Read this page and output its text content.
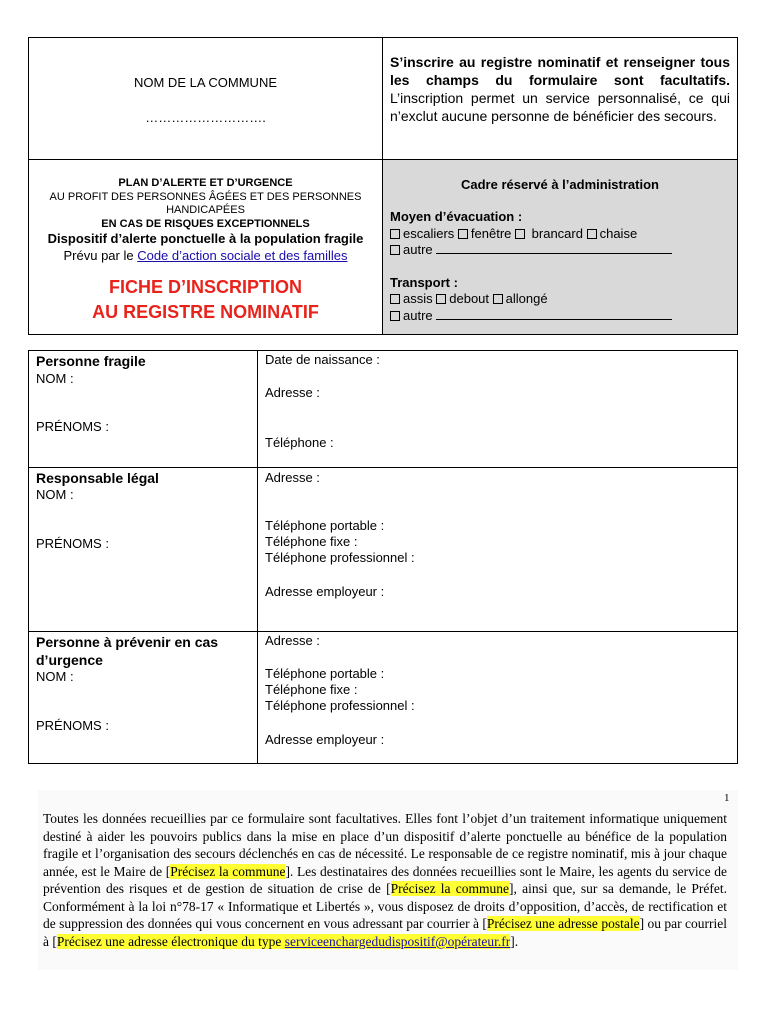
NOM DE LA COMMUNE
……………………….
S’inscrire au registre nominatif et renseigner tous les champs du formulaire sont facultatifs. L’inscription permet un service personnalisé, ce qui n’exclut aucune personne de bénéficier des secours.
PLAN D’ALERTE ET D’URGENCE
AU PROFIT DES PERSONNES ÂGÉES ET DES PERSONNES HANDICAPÉES
EN CAS DE RISQUES EXCEPTIONNELS
Dispositif d’alerte ponctuelle à la population fragile
Prévu par le Code d’action sociale et des familles
FICHE D’INSCRIPTION
AU REGISTRE NOMINATIF
Cadre réservé à l’administration
Moyen d’évacuation :
escaliers fenêtre brancard chaise
autre
Transport :
assis debout allongé
autre
Personne fragile
NOM :
PRÉNOMS :
Date de naissance :
Adresse :
Téléphone :
Responsable légal
NOM :
PRÉNOMS :
Adresse :
Téléphone portable :
Téléphone fixe :
Téléphone professionnel :
Adresse employeur :
Personne à prévenir en cas
d’urgence
NOM :
PRÉNOMS :
Adresse :
Téléphone portable :
Téléphone fixe :
Téléphone professionnel :
Adresse employeur :
1
Toutes les données recueillies par ce formulaire sont facultatives. Elles font l’objet d’un traitement informatique uniquement destiné à aider les pouvoirs publics dans la mise en place d’un dispositif d’alerte ponctuelle au bénéfice de la population fragile et l’organisation des secours déclenchés en cas de nécessité. Le responsable de ce registre nominatif, mis à jour chaque année, est le Maire de [Précisez la commune]. Les destinataires des données recueillies sont le Maire, les agents du service de prévention des risques et de gestion de situation de crise de [Précisez la commune], ainsi que, sur sa demande, le Préfet. Conformément à la loi n°78-17 « Informatique et Libertés », vous disposez de droits d’opposition, d’accès, de rectification et de suppression des données qui vous concernent en vous adressant par courrier à [Précisez une adresse postale] ou par courriel à [Précisez une adresse électronique du type serviceenchargedudispositif@opérateur.fr].
